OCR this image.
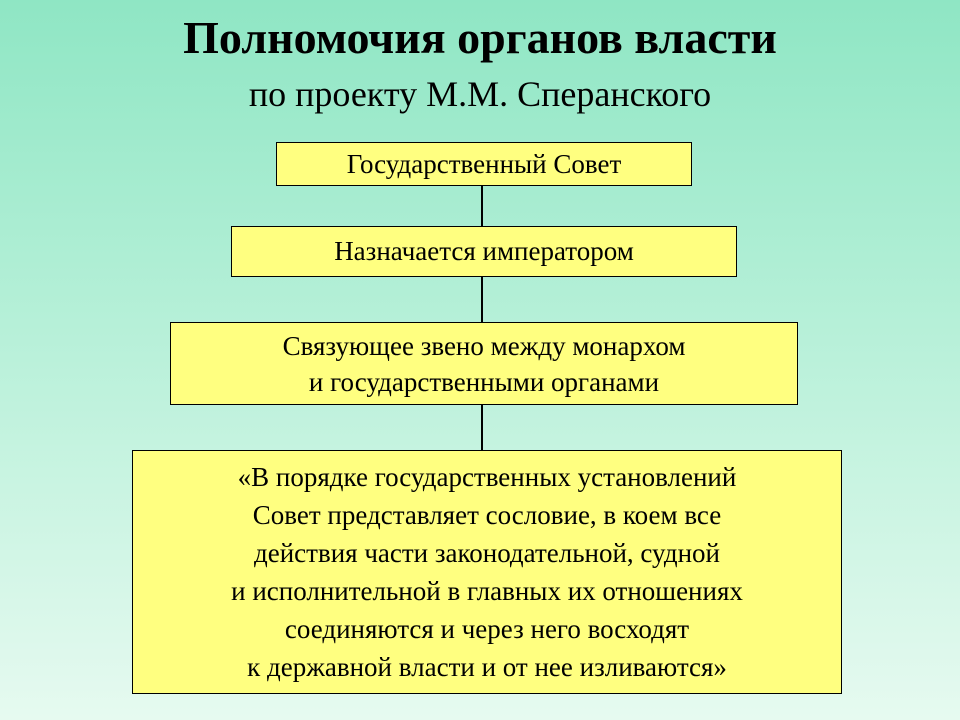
Полномочия органов власти
по проекту М.М. Сперанского
Государственный Совет
Назначается императором
Связующее звено между монархом
и государственными органами
«В порядке государственных установлений
Совет представляет сословие, в коем все
действия части законодательной, судной
и исполнительной в главных их отношениях
соединяются и через него восходят
к державной власти и от нее изливаются»
